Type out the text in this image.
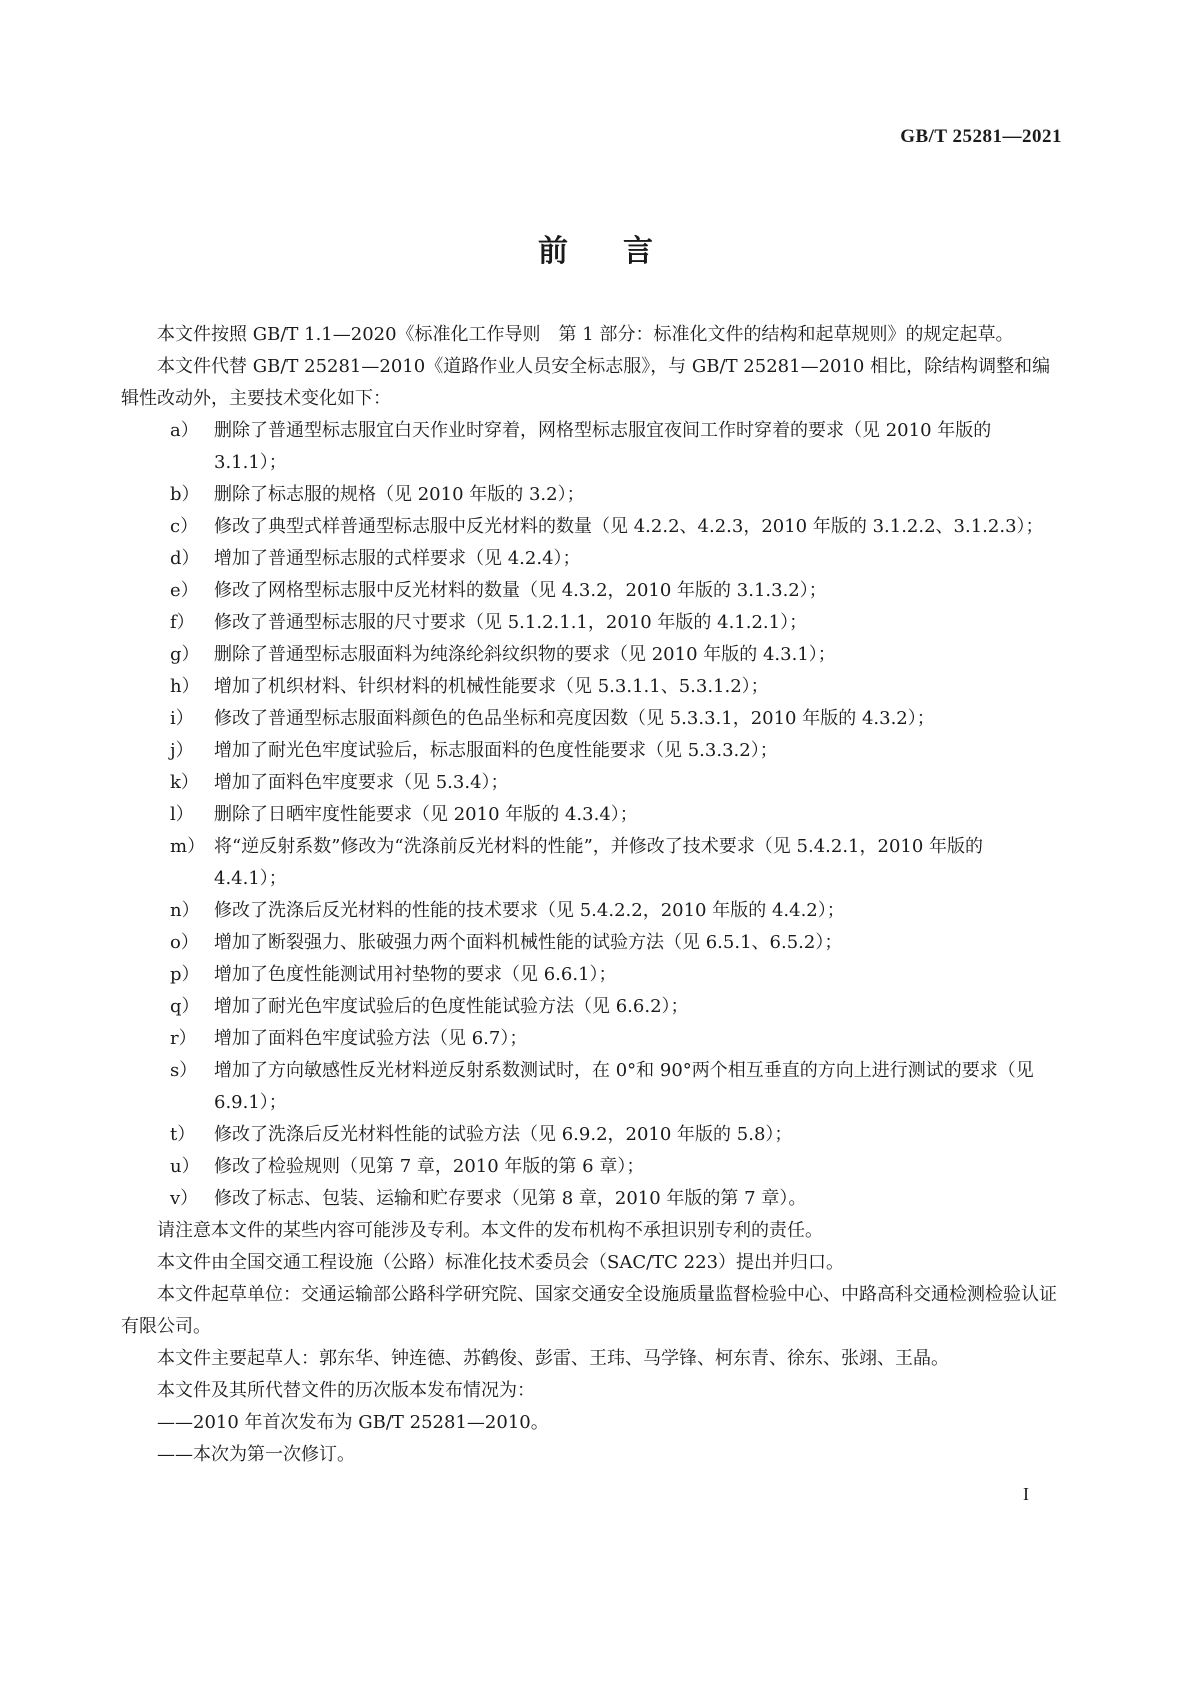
GB/T 25281—2021
前言

本文件按照 GB/T 1.1—2020《标准化工作导则　第 1 部分：标准化文件的结构和起草规则》的规定起草。

本文件代替 GB/T 25281—2010《道路作业人员安全标志服》，与 GB/T 25281—2010 相比，除结构调整和编辑性改动外，主要技术变化如下：

a） 删除了普通型标志服宜白天作业时穿着，网格型标志服宜夜间工作时穿着的要求（见 2010 年版的 3.1.1）；
b） 删除了标志服的规格（见 2010 年版的 3.2）；
c） 修改了典型式样普通型标志服中反光材料的数量（见 4.2.2、4.2.3，2010 年版的 3.1.2.2、3.1.2.3）；
d） 增加了普通型标志服的式样要求（见 4.2.4）；
e） 修改了网格型标志服中反光材料的数量（见 4.3.2，2010 年版的 3.1.3.2）；
f）	修改了普通型标志服的尺寸要求（见 5.1.2.1.1，2010 年版的 4.1.2.1）；
g） 删除了普通型标志服面料为纯涤纶斜纹织物的要求（见 2010 年版的 4.3.1）；
h） 增加了机织材料、针织材料的机械性能要求（见 5.3.1.1、5.3.1.2）；
i）	修改了普通型标志服面料颜色的色品坐标和亮度因数（见 5.3.3.1，2010 年版的 4.3.2）；
j）	增加了耐光色牢度试验后，标志服面料的色度性能要求（见 5.3.3.2）；
k） 增加了面料色牢度要求（见 5.3.4）；
l）	删除了日晒牢度性能要求（见 2010 年版的 4.3.4）；
m） 将“逆反射系数”修改为“洗涤前反光材料的性能”，并修改了技术要求（见 5.4.2.1，2010 年版的 4.4.1）；
n） 修改了洗涤后反光材料的性能的技术要求（见 5.4.2.2，2010 年版的 4.4.2）；
o） 增加了断裂强力、胀破强力两个面料机械性能的试验方法（见 6.5.1、6.5.2）；
p） 增加了色度性能测试用衬垫物的要求（见 6.6.1）；
q） 增加了耐光色牢度试验后的色度性能试验方法（见 6.6.2）；
r） 增加了面料色牢度试验方法（见 6.7）；
s） 增加了方向敏感性反光材料逆反射系数测试时，在 0°和 90°两个相互垂直的方向上进行测试的要求（见 6.9.1）；
t）	修改了洗涤后反光材料性能的试验方法（见 6.9.2，2010 年版的 5.8）；
u） 修改了检验规则（见第 7 章，2010 年版的第 6 章）；
v） 修改了标志、包装、运输和贮存要求（见第 8 章，2010 年版的第 7 章）。

请注意本文件的某些内容可能涉及专利。本文件的发布机构不承担识别专利的责任。

本文件由全国交通工程设施（公路）标准化技术委员会（SAC/TC 223）提出并归口。

本文件起草单位：交通运输部公路科学研究院、国家交通安全设施质量监督检验中心、中路高科交通检测检验认证有限公司。

本文件主要起草人：郭东华、钟连德、苏鹤俊、彭雷、王玮、马学锋、柯东青、徐东、张翊、王晶。

本文件及其所代替文件的历次版本发布情况为：

——2010 年首次发布为 GB/T 25281—2010。

——本次为第一次修订。

I
